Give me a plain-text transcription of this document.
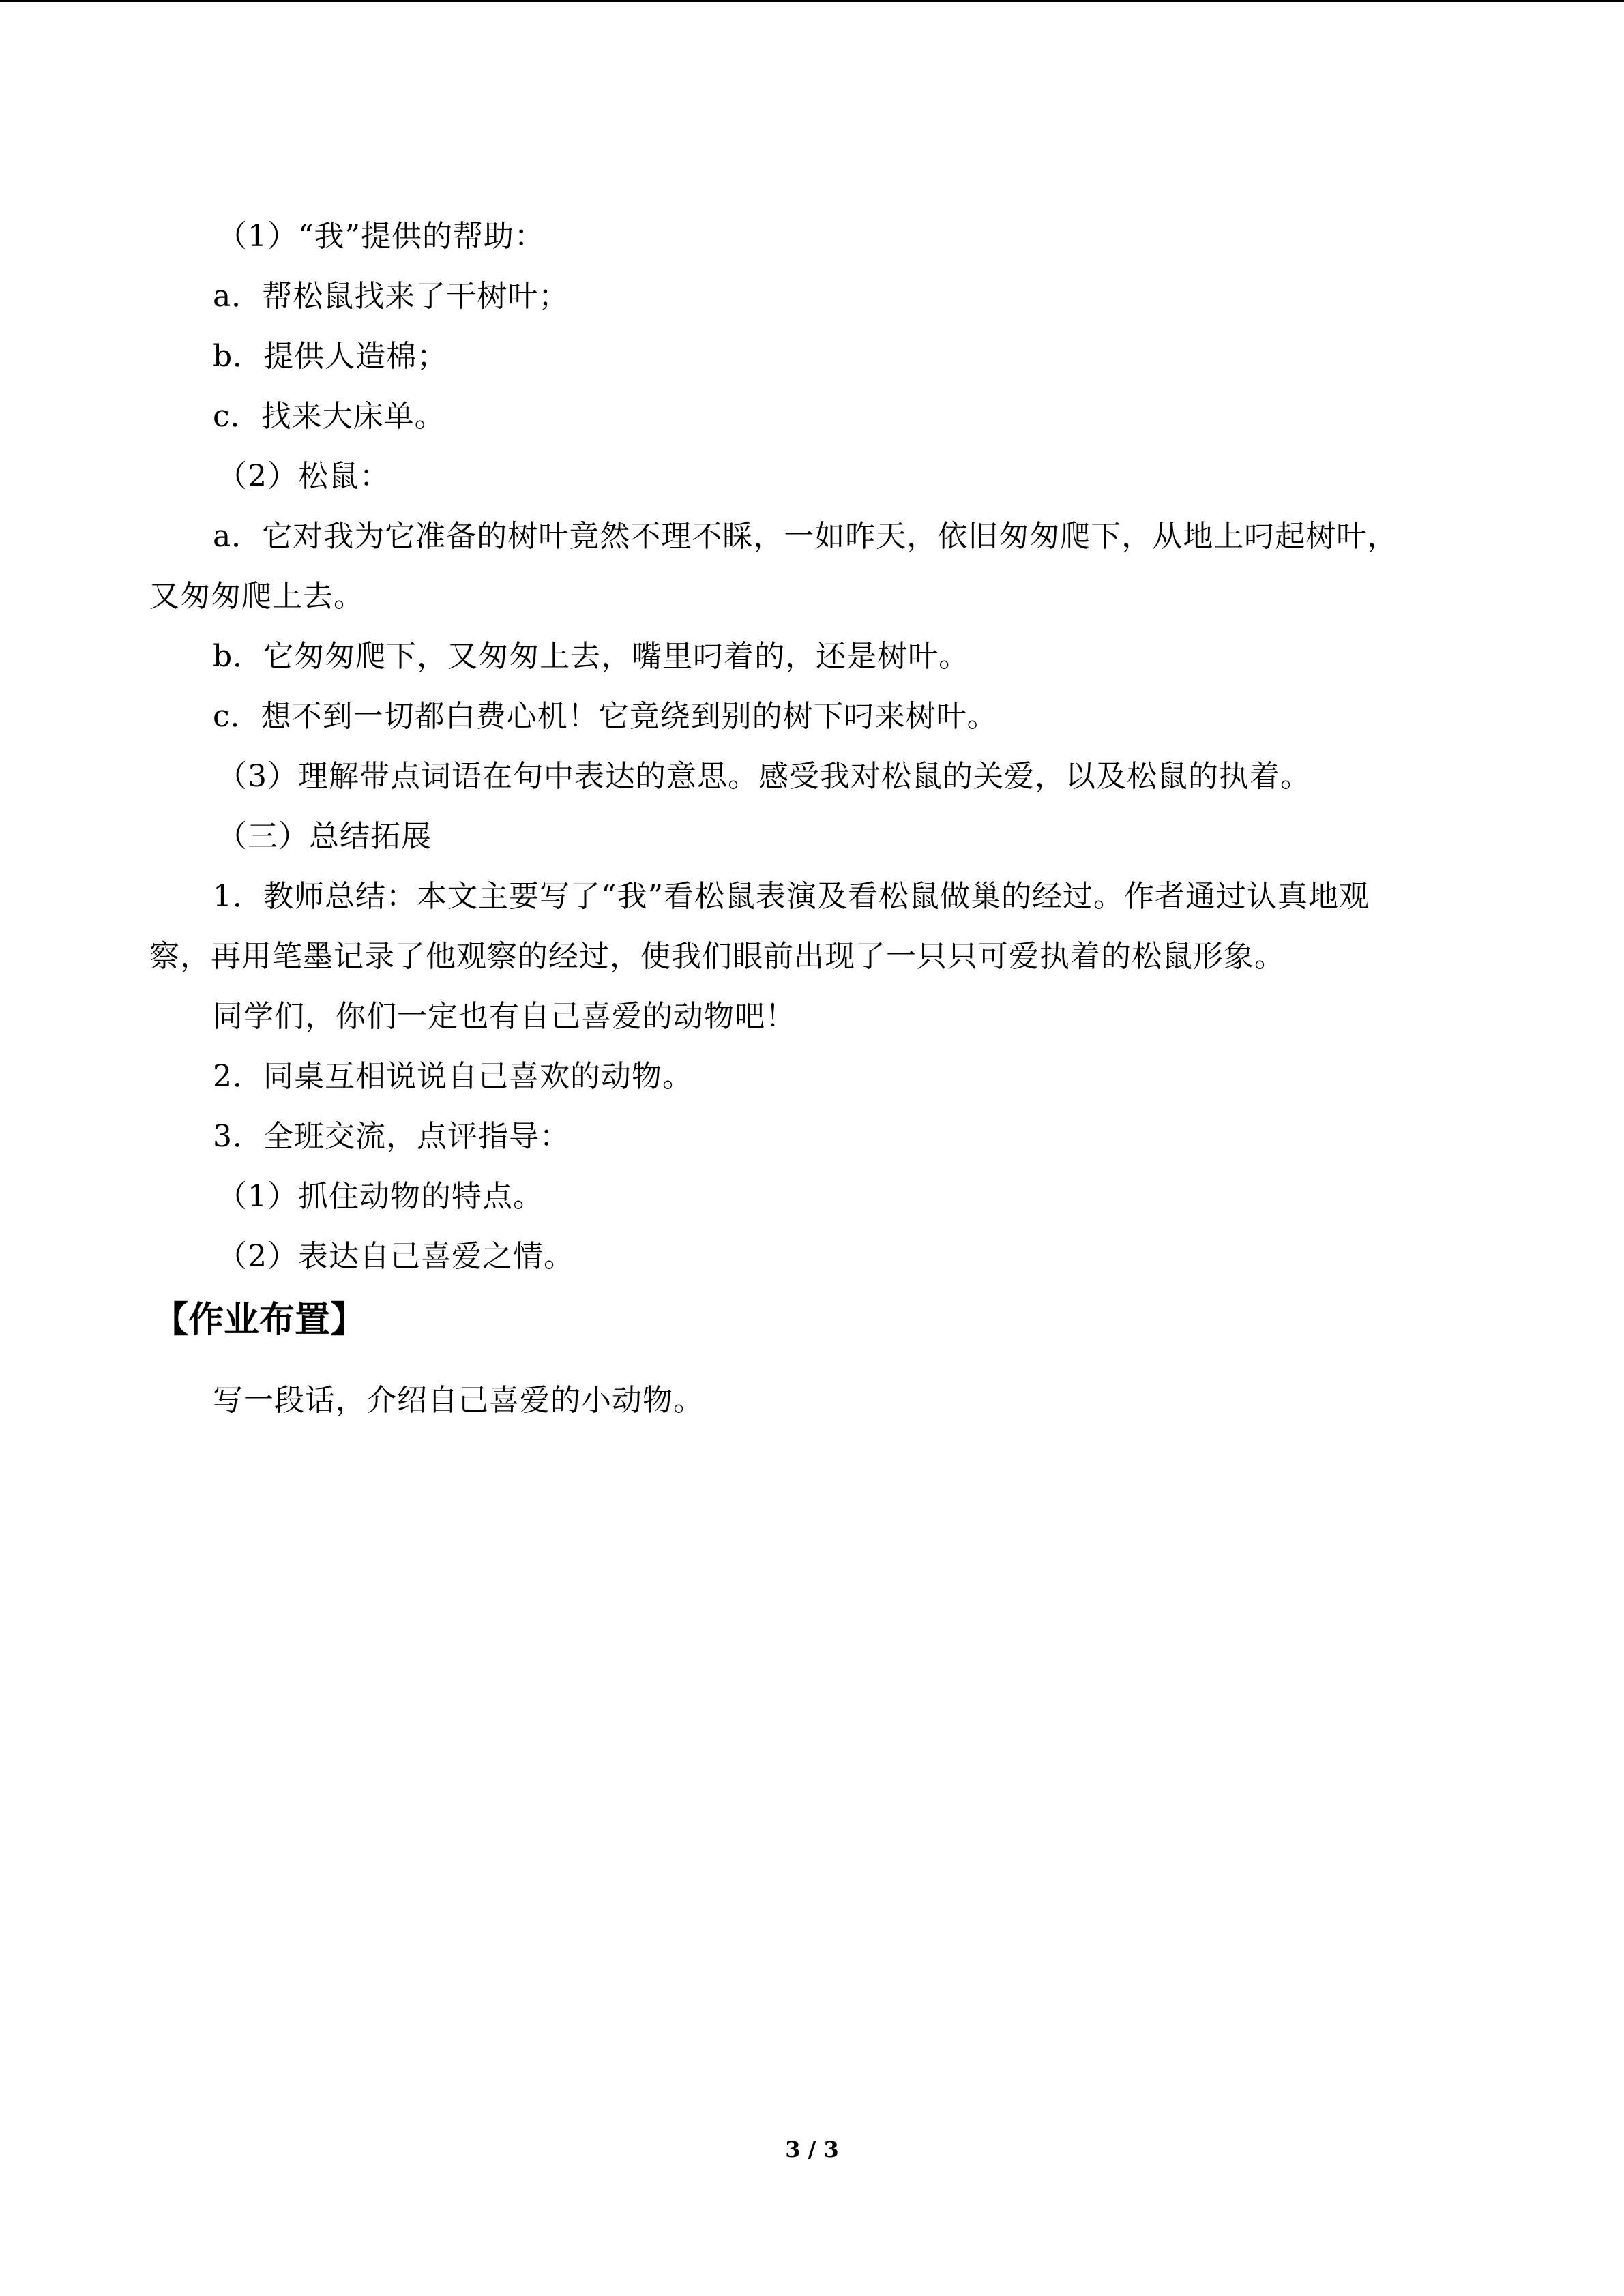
（1）“我”提供的帮助：
a．帮松鼠找来了干树叶；
b．提供人造棉；
c．找来大床单。
（2）松鼠：
a．它对我为它准备的树叶竟然不理不睬，一如昨天，依旧匆匆爬下，从地上叼起树叶，
又匆匆爬上去。
b．它匆匆爬下，又匆匆上去，嘴里叼着的，还是树叶。
c．想不到一切都白费心机！它竟绕到别的树下叼来树叶。
（3）理解带点词语在句中表达的意思。感受我对松鼠的关爱，以及松鼠的执着。
（三）总结拓展
1．教师总结：本文主要写了“我”看松鼠表演及看松鼠做巢的经过。作者通过认真地观
察，再用笔墨记录了他观察的经过，使我们眼前出现了一只只可爱执着的松鼠形象。
同学们，你们一定也有自己喜爱的动物吧！
2．同桌互相说说自己喜欢的动物。
3．全班交流，点评指导：
（1）抓住动物的特点。
（2）表达自己喜爱之情。
【作业布置】
写一段话，介绍自己喜爱的小动物。
3 / 3
